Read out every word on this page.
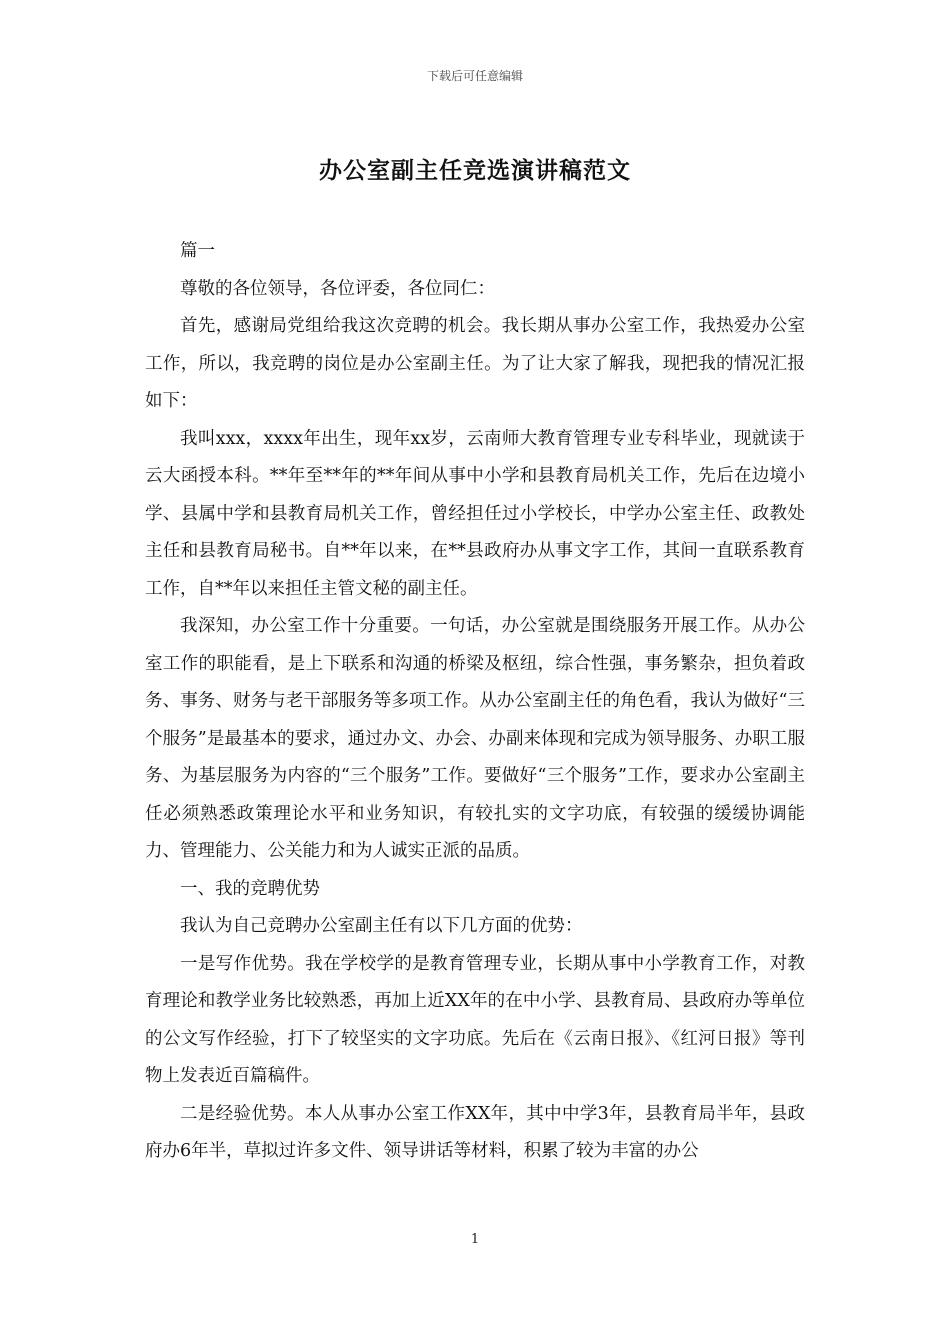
下载后可任意编辑
办公室副主任竞选演讲稿范文

篇一

尊敬的各位领导，各位评委，各位同仁：

首先，感谢局党组给我这次竞聘的机会。我长期从事办公室工作，我热爱办公室工作，所以，我竞聘的岗位是办公室副主任。为了让大家了解我，现把我的情况汇报如下：

我叫xxx，xxxx年出生，现年xx岁，云南师大教育管理专业专科毕业，现就读于云大函授本科。**年至**年的**年间从事中小学和县教育局机关工作，先后在边境小学、县属中学和县教育局机关工作，曾经担任过小学校长，中学办公室主任、政教处主任和县教育局秘书。自**年以来，在**县政府办从事文字工作，其间一直联系教育工作，自**年以来担任主管文秘的副主任。

我深知，办公室工作十分重要。一句话，办公室就是围绕服务开展工作。从办公室工作的职能看，是上下联系和沟通的桥梁及枢纽，综合性强，事务繁杂，担负着政务、事务、财务与老干部服务等多项工作。从办公室副主任的角色看，我认为做好“三个服务”是最基本的要求，通过办文、办会、办副来体现和完成为领导服务、办职工服务、为基层服务为内容的“三个服务”工作。要做好“三个服务”工作，要求办公室副主任必须熟悉政策理论水平和业务知识，有较扎实的文字功底，有较强的缓缓协调能力、管理能力、公关能力和为人诚实正派的品质。

一、我的竞聘优势

我认为自己竞聘办公室副主任有以下几方面的优势：

一是写作优势。我在学校学的是教育管理专业，长期从事中小学教育工作，对教育理论和教学业务比较熟悉，再加上近XX年的在中小学、县教育局、县政府办等单位的公文写作经验，打下了较坚实的文字功底。先后在《云南日报》、《红河日报》等刊物上发表近百篇稿件。

二是经验优势。本人从事办公室工作XX年，其中中学3年，县教育局半年，县政府办6年半，草拟过许多文件、领导讲话等材料，积累了较为丰富的办公

1
